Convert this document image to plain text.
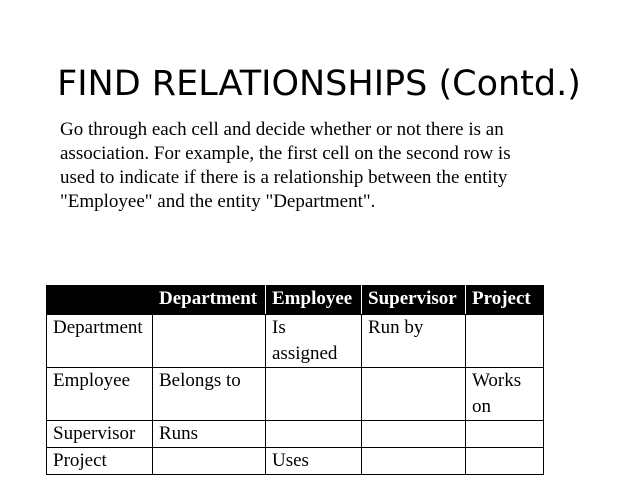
FIND RELATIONSHIPS (Contd.)
Go through each cell and decide whether or not there is an
association. For example, the first cell on the second row is
used to indicate if there is a relationship between the entity
"Employee" and the entity "Department".
	Department	Employee	Supervisor	Project
Department		Is assigned	Run by	
Employee	Belongs to			Works on
Supervisor	Runs			
Project		Uses		
